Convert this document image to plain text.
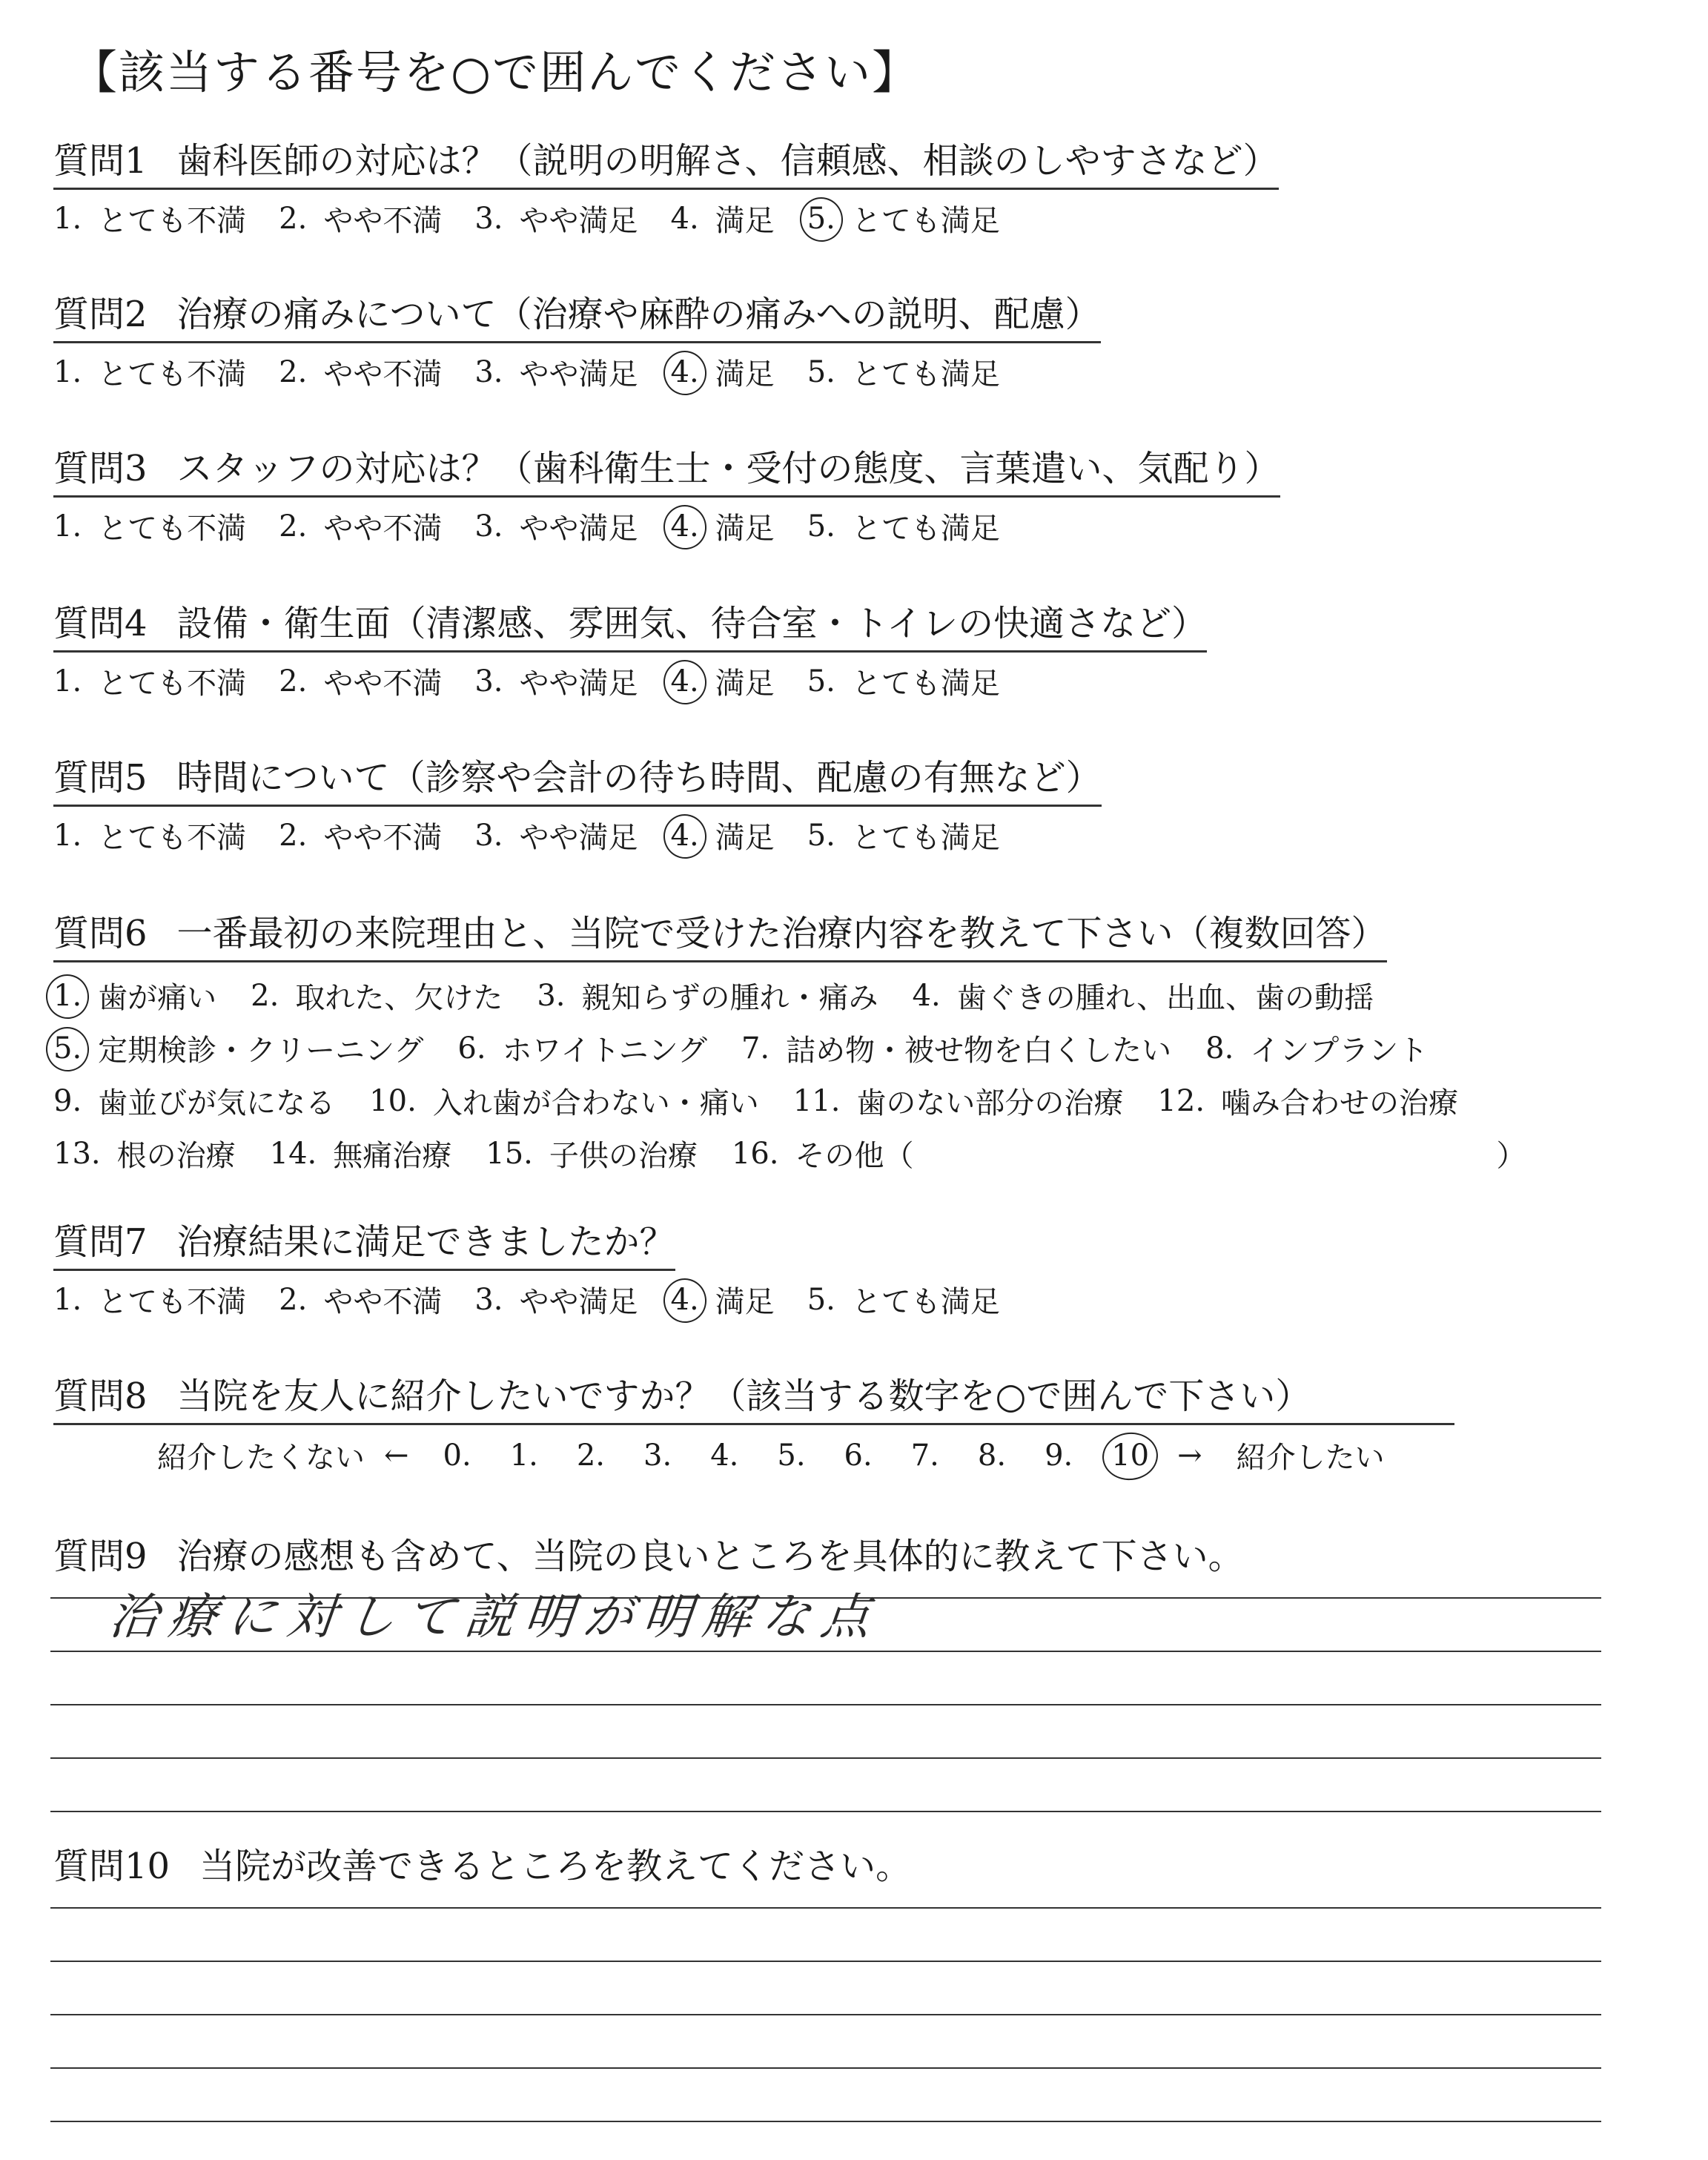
【該当する番号を○で囲んでください】
質問1 歯科医師の対応は？（説明の明解さ、信頼感、相談のしやすさなど）
1. とても不満 2. やや不満 3. やや満足 4. 満足 5. とても満足
質問2 治療の痛みについて（治療や麻酔の痛みへの説明、配慮）
1. とても不満 2. やや不満 3. やや満足 4. 満足 5. とても満足
質問3 スタッフの対応は？（歯科衛生士・受付の態度、言葉遣い、気配り）
1. とても不満 2. やや不満 3. やや満足 4. 満足 5. とても満足
質問4 設備・衛生面（清潔感、雰囲気、待合室・トイレの快適さなど）
1. とても不満 2. やや不満 3. やや満足 4. 満足 5. とても満足
質問5 時間について（診察や会計の待ち時間、配慮の有無など）
1. とても不満 2. やや不満 3. やや満足 4. 満足 5. とても満足
質問6 一番最初の来院理由と、当院で受けた治療内容を教えて下さい（複数回答）
1. 歯が痛い 2. 取れた、欠けた 3. 親知らずの腫れ・痛み 4. 歯ぐきの腫れ、出血、歯の動揺
5. 定期検診・クリーニング 6. ホワイトニング 7. 詰め物・被せ物を白くしたい 8. インプラント
9. 歯並びが気になる 10. 入れ歯が合わない・痛い 11. 歯のない部分の治療 12. 噛み合わせの治療
13. 根の治療 14. 無痛治療 15. 子供の治療 16. その他（	）
質問7 治療結果に満足できましたか？
1. とても不満 2. やや不満 3. やや満足 4. 満足 5. とても満足
質問8 当院を友人に紹介したいですか？（該当する数字を○で囲んで下さい）
紹介したくない ← 0. 1. 2. 3. 4. 5. 6. 7. 8. 9. 10 → 紹介したい
質問9 治療の感想も含めて、当院の良いところを具体的に教えて下さい。
治療に対して説明が明解な点
質問10 当院が改善できるところを教えてください。
